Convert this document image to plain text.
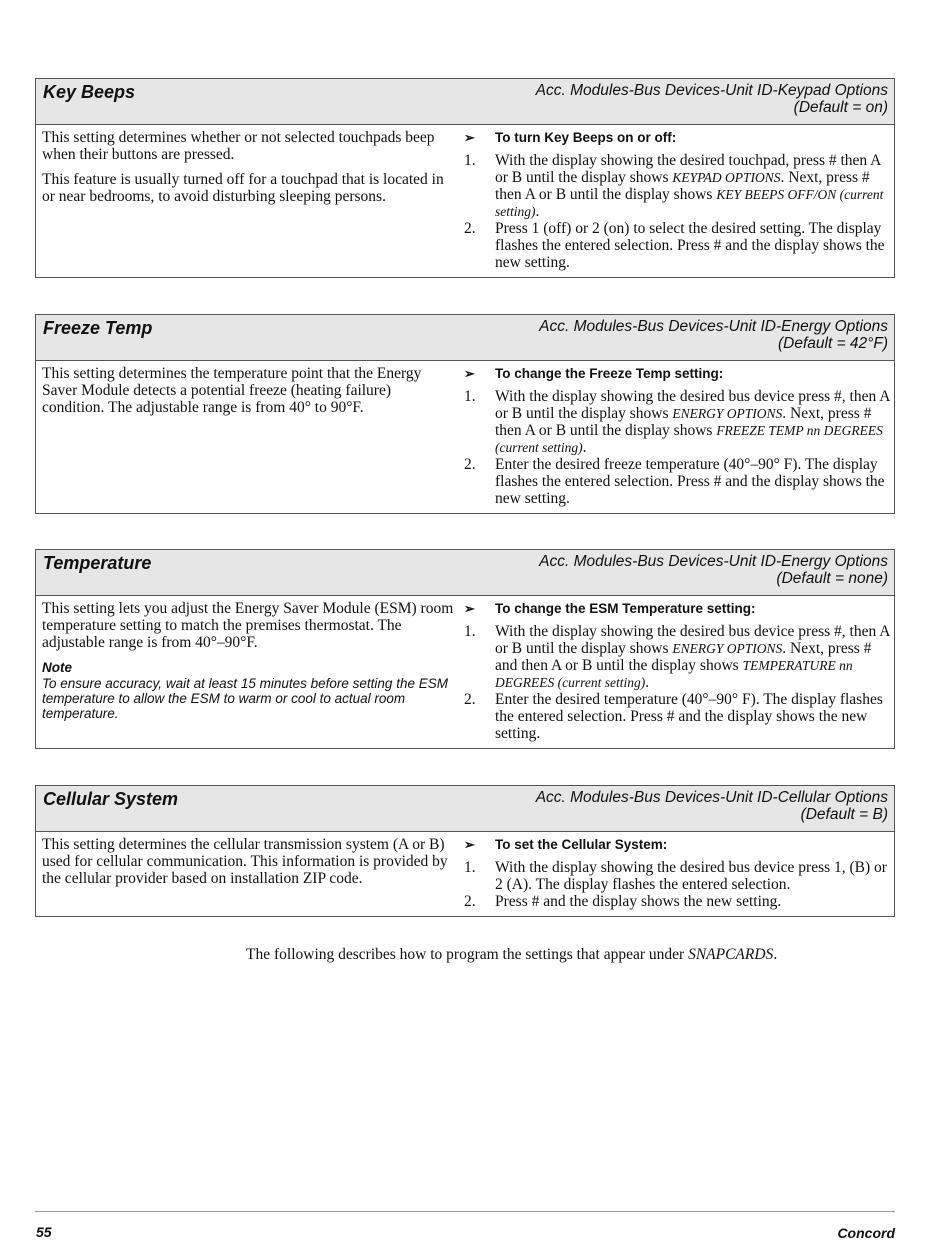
Key Beeps	Acc. Modules-Bus Devices-Unit ID-Keypad Options
(Default = on)

This setting determines whether or not selected touchpads beep when their buttons are pressed.

This feature is usually turned off for a touchpad that is located in or near bedrooms, to avoid disturbing sleeping persons.

➢ To turn Key Beeps on or off:
1. With the display showing the desired touchpad, press # then A or B until the display shows KEYPAD OPTIONS. Next, press # then A or B until the display shows KEY BEEPS OFF/ON (current setting).
2. Press 1 (off) or 2 (on) to select the desired setting. The display flashes the entered selection. Press # and the display shows the new setting.
Freeze Temp	Acc. Modules-Bus Devices-Unit ID-Energy Options
(Default = 42°F)

This setting determines the temperature point that the Energy Saver Module detects a potential freeze (heating failure) condition. The adjustable range is from 40° to 90°F.

➢ To change the Freeze Temp setting:
1. With the display showing the desired bus device press #, then A or B until the display shows ENERGY OPTIONS. Next, press # then A or B until the display shows FREEZE TEMP nn DEGREES (current setting).
2. Enter the desired freeze temperature (40°–90° F). The display flashes the entered selection. Press # and the display shows the new setting.
Temperature	Acc. Modules-Bus Devices-Unit ID-Energy Options
(Default = none)

This setting lets you adjust the Energy Saver Module (ESM) room temperature setting to match the premises thermostat. The adjustable range is from 40°–90°F.

Note
To ensure accuracy, wait at least 15 minutes before setting the ESM temperature to allow the ESM to warm or cool to actual room temperature.
➢ To change the ESM Temperature setting:
1. With the display showing the desired bus device press #, then A or B until the display shows ENERGY OPTIONS. Next, press # and then A or B until the display shows TEMPERATURE nn DEGREES (current setting).
2. Enter the desired temperature (40°–90° F). The display flashes the entered selection. Press # and the display shows the new setting.
Cellular System	Acc. Modules-Bus Devices-Unit ID-Cellular Options
(Default = B)

This setting determines the cellular transmission system (A or B) used for cellular communication. This information is provided by the cellular provider based on installation ZIP code.

➢ To set the Cellular System:
1. With the display showing the desired bus device press 1, (B) or 2 (A). The display flashes the entered selection.
2. Press # and the display shows the new setting.
The following describes how to program the settings that appear under SNAPCARDS.
55	Concord
